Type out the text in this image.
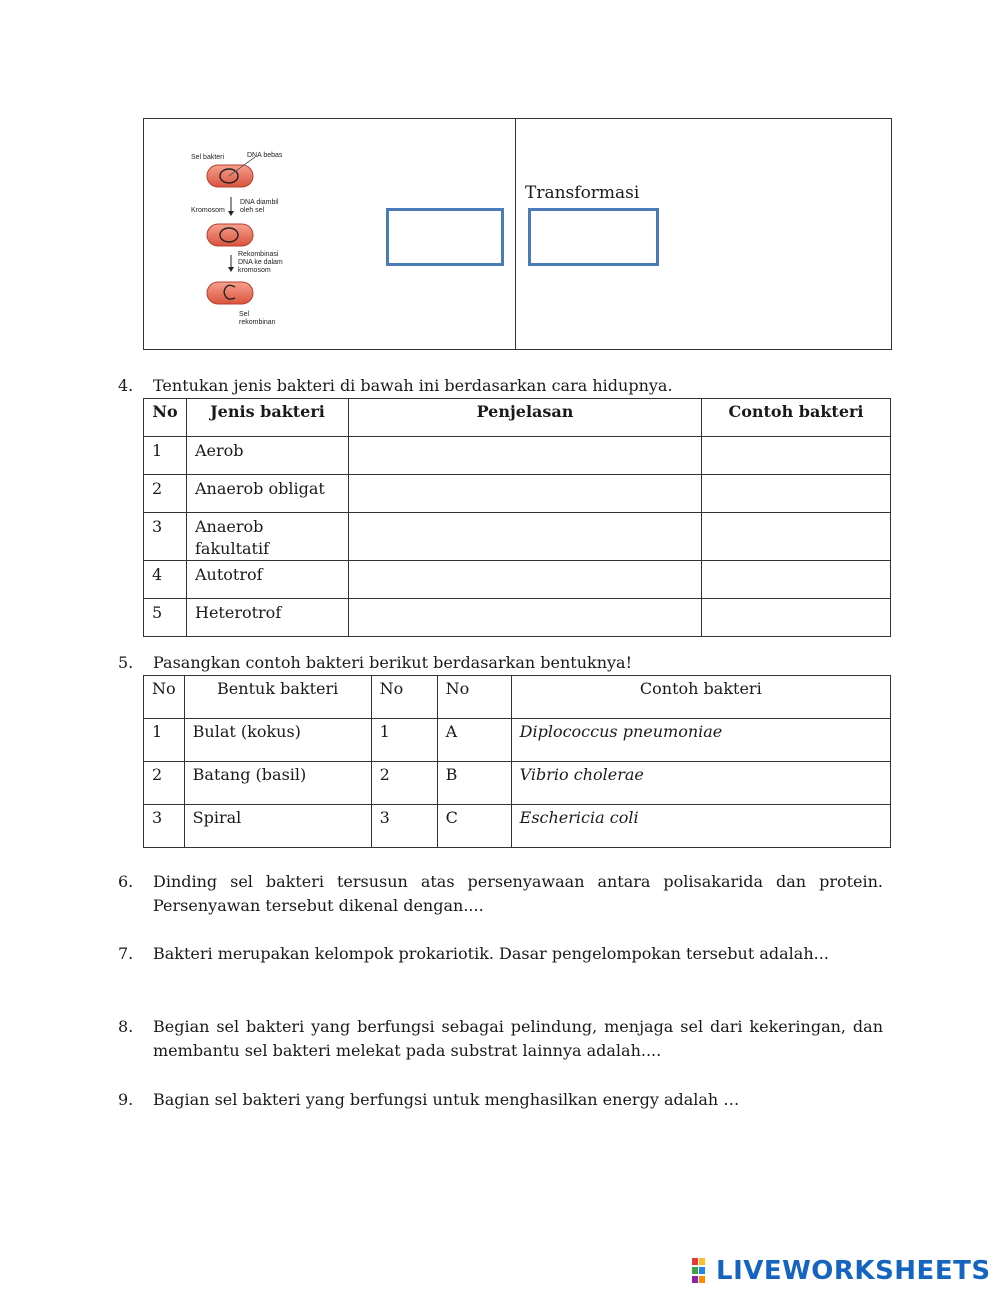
Sel bakteri	DNA bebas
Kromosom
DNA diambil oleh sel
Rekombinasi DNA ke dalam kromosom
Sel rekombinan
Transformasi
4. Tentukan jenis bakteri di bawah ini berdasarkan cara hidupnya.
No	Jenis bakteri	Penjelasan	Contoh bakteri
1	Aerob		
2	Anaerob obligat		
3	Anaerob fakultatif		
4	Autotrof		
5	Heterotrof		
5. Pasangkan contoh bakteri berikut berdasarkan bentuknya!
No	Bentuk bakteri	No	No	Contoh bakteri
1	Bulat (kokus)	1	A	Diplococcus pneumoniae
2	Batang (basil)	2	B	Vibrio cholerae
3	Spiral	3	C	Eschericia coli
6. Dinding sel bakteri tersusun atas persenyawaan antara polisakarida dan protein. Persenyawan tersebut dikenal dengan....
7. Bakteri merupakan kelompok prokariotik. Dasar pengelompokan tersebut adalah...
8. Begian sel bakteri yang berfungsi sebagai pelindung, menjaga sel dari kekeringan, dan membantu sel bakteri melekat pada substrat lainnya adalah....
9. Bagian sel bakteri yang berfungsi untuk menghasilkan energy adalah …
LIVEWORKSHEETS
